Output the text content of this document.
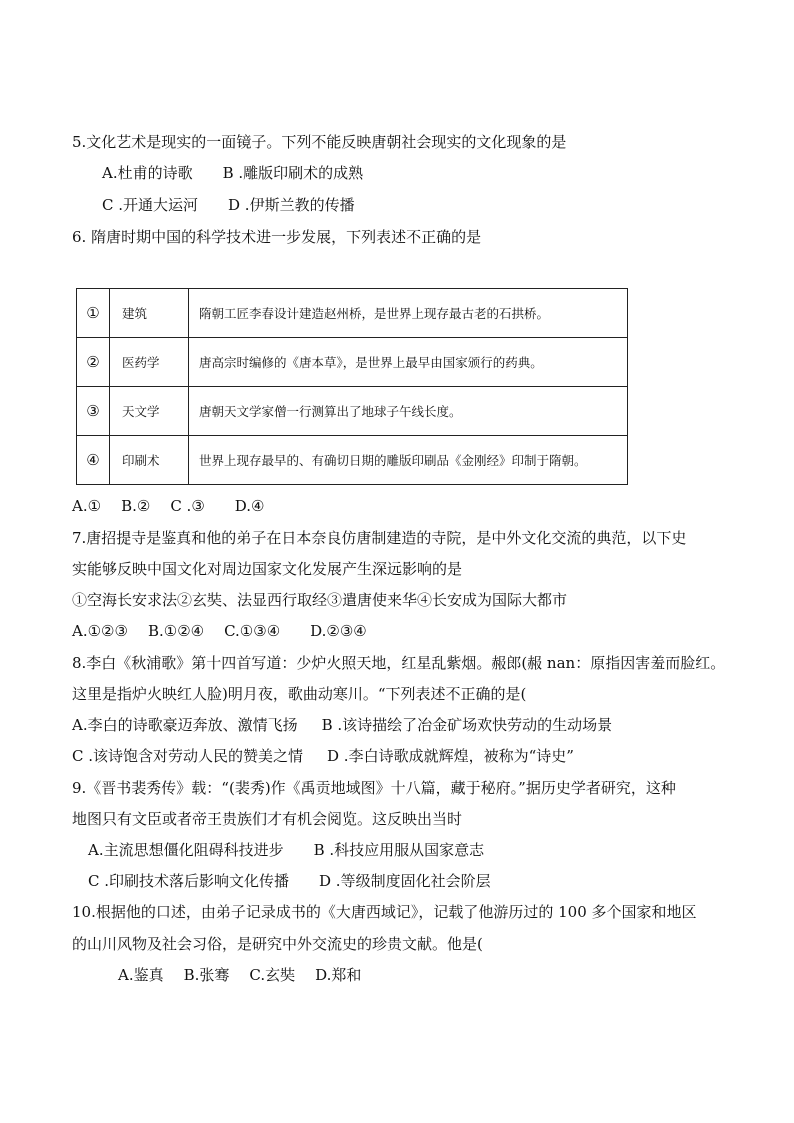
5.文化艺术是现实的一面镜子。下列不能反映唐朝社会现实的文化现象的是
A.杜甫的诗歌 B .雕版印刷术的成熟
C .开通大运河 D .伊斯兰教的传播
6. 隋唐时期中国的科学技术进一步发展，下列表述不正确的是
①	建筑	隋朝工匠李春设计建造赵州桥，是世界上现存最古老的石拱桥。
②	医药学	唐高宗时编修的《唐本草》，是世界上最早由国家颁行的药典。
③	天文学	唐朝天文学家僧一行测算出了地球子午线长度。
④	印刷术	世界上现存最早的、有确切日期的雕版印刷品《金刚经》印制于隋朝。
A.① B.② C .③ D.④
7.唐招提寺是鉴真和他的弟子在日本奈良仿唐制建造的寺院，是中外文化交流的典范，以下史
实能够反映中国文化对周边国家文化发展产生深远影响的是
①空海长安求法②玄奘、法显西行取经③遣唐使来华④长安成为国际大都市
A.①②③ B.①②④ C.①③④ D.②③④
8.李白《秋浦歌》第十四首写道：少炉火照天地，红星乱紫烟。赧郎(赧 nan：原指因害羞而脸红。
这里是指炉火映红人脸)明月夜，歌曲动寒川。“下列表述不正确的是(
A.李白的诗歌豪迈奔放、激情飞扬 B .该诗描绘了冶金矿场欢快劳动的生动场景
C .该诗饱含对劳动人民的赞美之情 D .李白诗歌成就辉煌，被称为“诗史”
9.《晋书裴秀传》载：“(裴秀)作《禹贡地域图》十八篇，藏于秘府。”据历史学者研究，这种
地图只有文臣或者帝王贵族们才有机会阅览。这反映出当时
A.主流思想僵化阻碍科技进步 B .科技应用服从国家意志
C .印刷技术落后影响文化传播 D .等级制度固化社会阶层
10.根据他的口述，由弟子记录成书的《大唐西域记》，记载了他游历过的 100 多个国家和地区
的山川风物及社会习俗，是研究中外交流史的珍贵文献。他是(
A.鉴真 B.张骞 C.玄奘 D.郑和
